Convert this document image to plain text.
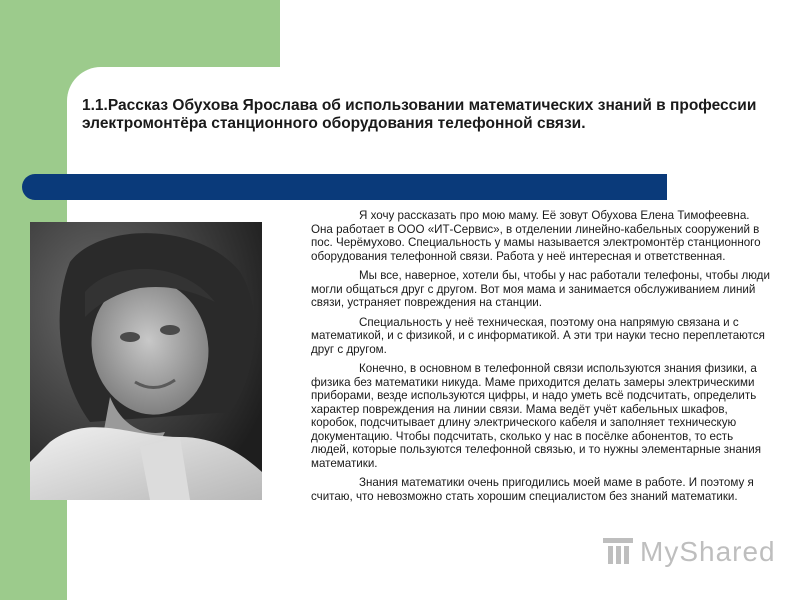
1.1.Рассказ Обухова Ярослава об использовании математических знаний в профессии электромонтёра станционного оборудования телефонной связи.

Я хочу рассказать про мою маму. Её зовут Обухова Елена Тимофеевна. Она работает в ООО «ИТ-Сервис», в отделении линейно-кабельных сооружений в пос. Черёмухово. Специальность у мамы называется электромонтёр станционного оборудования телефонной связи. Работа у неё интересная и ответственная.

Мы все, наверное, хотели бы, чтобы у нас работали телефоны, чтобы люди могли общаться друг с другом. Вот моя мама и занимается обслуживанием линий связи, устраняет повреждения на станции.

Специальность у неё техническая, поэтому она напрямую связана и с математикой, и с физикой, и с информатикой. А эти три науки тесно переплетаются друг с другом.

Конечно, в основном в телефонной связи используются знания физики, а физика без математики никуда. Маме приходится делать замеры электрическими приборами, везде используются цифры, и надо уметь всё подсчитать, определить характер повреждения на линии связи. Мама ведёт учёт кабельных шкафов, коробок, подсчитывает длину электрического кабеля и заполняет техническую документацию. Чтобы подсчитать, сколько у нас в посёлке абонентов, то есть людей, которые пользуются телефонной связью, и то нужны элементарные знания математики.

Знания математики очень пригодились моей маме в работе. И поэтому я считаю, что невозможно стать хорошим специалистом без знаний математики.

MyShared
